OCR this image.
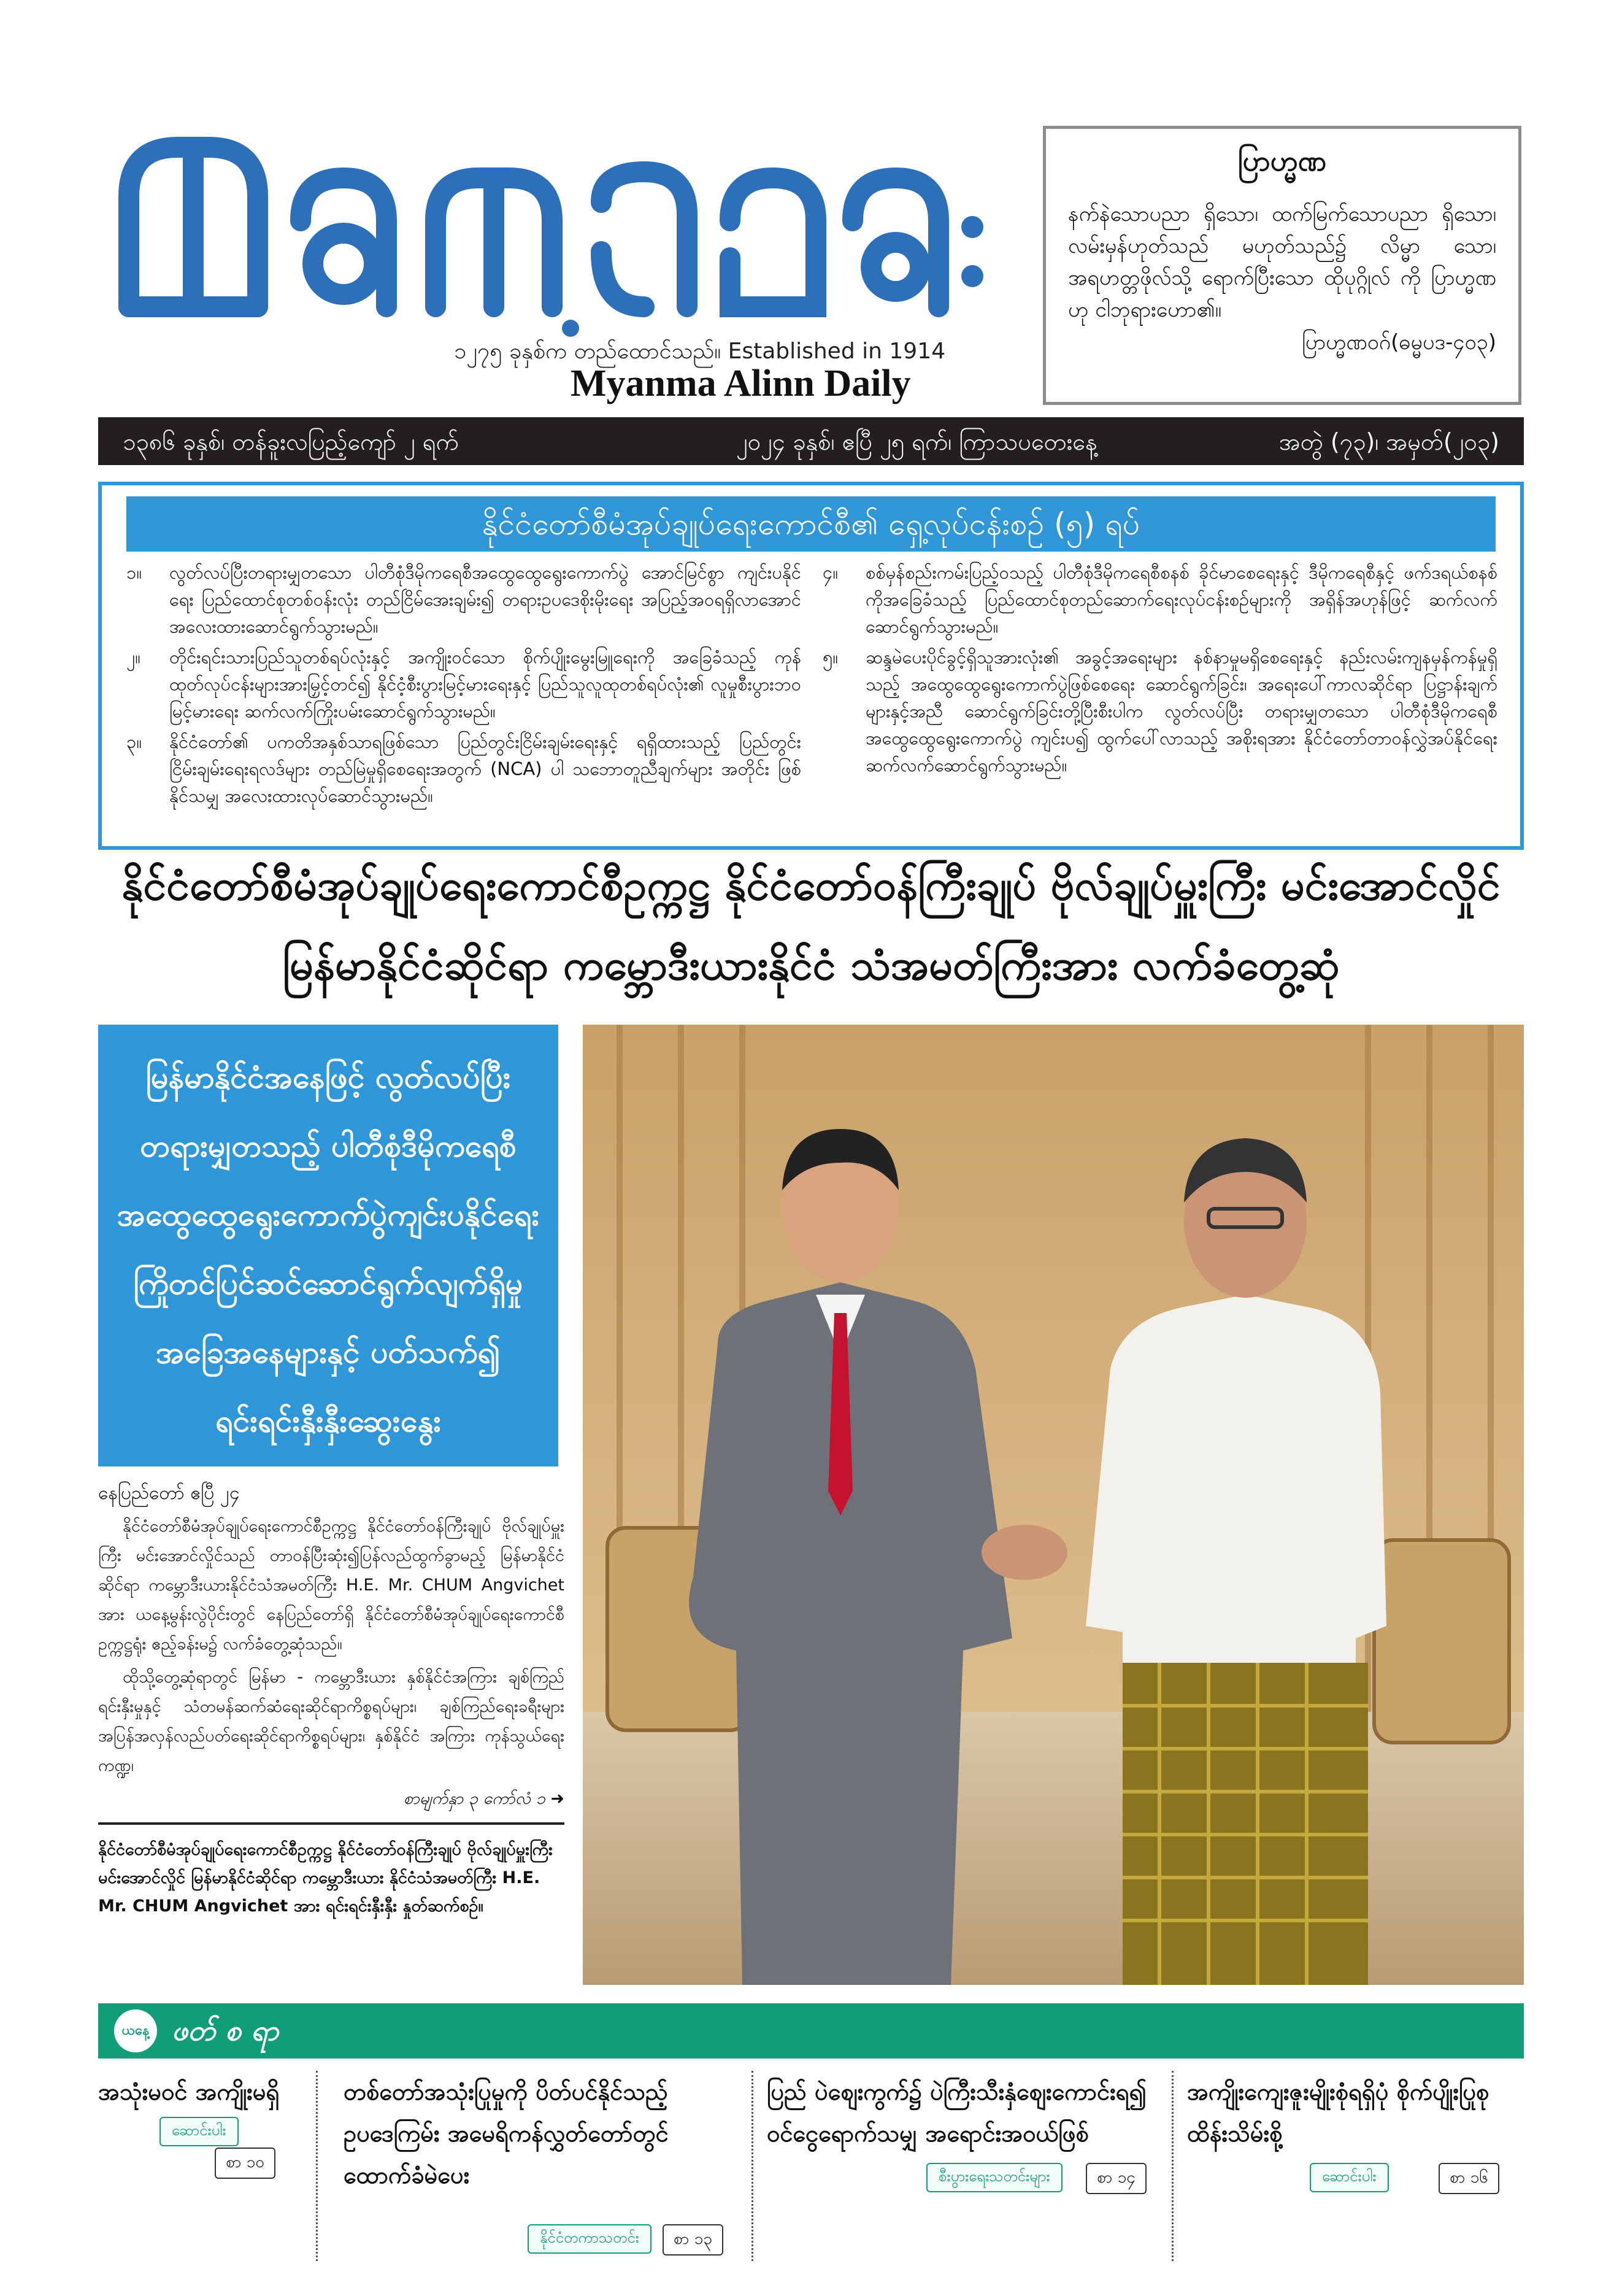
၁၂၇၅ ခုနှစ်က တည်ထောင်သည်။ Established in 1914
Myanma Alinn Daily
ပြာဟ္မဏ
နက်နဲသောပညာ ရှိသော၊ ထက်မြက်သောပညာ ရှိသော၊ လမ်းမှန်ဟုတ်သည် မဟုတ်သည်၌ လိမ္မာ သော၊ အရဟတ္တဖိုလ်သို့ ရောက်ပြီးသော ထိုပုဂ္ဂိုလ် ကို ပြာဟ္မဏဟု ငါဘုရားဟော၏။
ပြာဟ္မဏဝဂ်(ဓမ္မပဒ-၄၀၃)
၁၃၈၆ ခုနှစ်၊ တန်ခူးလပြည့်ကျော် ၂ ရက်	၂၀၂၄ ခုနှစ်၊ ဧပြီ ၂၅ ရက်၊ ကြာသပတေးနေ့	အတွဲ (၇၃)၊ အမှတ်(၂၀၃)
နိုင်ငံတော်စီမံအုပ်ချုပ်ရေးကောင်စီ၏ ရှေ့လုပ်ငန်းစဉ် (၅) ရပ်
၁။	လွတ်လပ်ပြီးတရားမျှတသော ပါတီစုံဒီမိုကရေစီအထွေထွေရွေးကောက်ပွဲ အောင်မြင်စွာ ကျင်းပနိုင်ရေး ပြည်ထောင်စုတစ်ဝန်းလုံး တည်ငြိမ်အေးချမ်း၍ တရားဥပဒေစိုးမိုးရေး အပြည့်အဝရရှိလာအောင် အလေးထားဆောင်ရွက်သွားမည်။
၂။	တိုင်းရင်းသားပြည်သူတစ်ရပ်လုံးနှင့် အကျိုးဝင်သော စိုက်ပျိုးမွေးမြူရေးကို အခြေခံသည့် ကုန်ထုတ်လုပ်ငန်းများအားမြှင့်တင်၍ နိုင်ငံ့စီးပွားမြင့်မားရေးနှင့် ပြည်သူလူထုတစ်ရပ်လုံး၏ လူမှုစီးပွားဘဝမြင့်မားရေး ဆက်လက်ကြိုးပမ်းဆောင်ရွက်သွားမည်။
၃။	နိုင်ငံတော်၏ ပကတိအနှစ်သာရဖြစ်သော ပြည်တွင်းငြိမ်းချမ်းရေးနှင့် ရရှိထားသည့် ပြည်တွင်း ငြိမ်းချမ်းရေးရလဒ်များ တည်မြဲမှုရှိစေရေးအတွက် (NCA) ပါ သဘောတူညီချက်များ အတိုင်း ဖြစ်နိုင်သမျှ အလေးထားလုပ်ဆောင်သွားမည်။
၄။	စစ်မှန်စည်းကမ်းပြည့်ဝသည့် ပါတီစုံဒီမိုကရေစီစနစ် ခိုင်မာစေရေးနှင့် ဒီမိုကရေစီနှင့် ဖက်ဒရယ်စနစ်ကိုအခြေခံသည့် ပြည်ထောင်စုတည်ဆောက်ရေးလုပ်ငန်းစဉ်များကို အရှိန်အဟုန်ဖြင့် ဆက်လက်ဆောင်ရွက်သွားမည်။
၅။	ဆန္ဒမဲပေးပိုင်ခွင့်ရှိသူအားလုံး၏ အခွင့်အရေးများ နစ်နာမှုမရှိစေရေးနှင့် နည်းလမ်းကျနမှန်ကန်မှုရှိသည့် အထွေထွေရွေးကောက်ပွဲဖြစ်စေရေး ဆောင်ရွက်ခြင်း၊ အရေးပေါ်ကာလဆိုင်ရာ ပြဋ္ဌာန်းချက်များနှင့်အညီ ဆောင်ရွက်ခြင်းတို့ပြီးစီးပါက လွတ်လပ်ပြီး တရားမျှတသော ပါတီစုံဒီမိုကရေစီအထွေထွေရွေးကောက်ပွဲ ကျင်းပ၍ ထွက်ပေါ်လာသည့် အစိုးရအား နိုင်ငံတော်တာဝန်လွှဲအပ်နိုင်ရေး ဆက်လက်ဆောင်ရွက်သွားမည်။
နိုင်ငံတော်စီမံအုပ်ချုပ်ရေးကောင်စီဥက္ကဋ္ဌ နိုင်ငံတော်ဝန်ကြီးချုပ် ဗိုလ်ချုပ်မှူးကြီး မင်းအောင်လှိုင်
မြန်မာနိုင်ငံဆိုင်ရာ ကမ္ဘောဒီးယားနိုင်ငံ သံအမတ်ကြီးအား လက်ခံတွေ့ဆုံ
မြန်မာနိုင်ငံအနေဖြင့် လွတ်လပ်ပြီး
တရားမျှတသည့် ပါတီစုံဒီမိုကရေစီ
အထွေထွေရွေးကောက်ပွဲကျင်းပနိုင်ရေး
ကြိုတင်ပြင်ဆင်ဆောင်ရွက်လျက်ရှိမှု
အခြေအနေများနှင့် ပတ်သက်၍
ရင်းရင်းနှီးနှီးဆွေးနွေး
နေပြည်တော် ဧပြီ ၂၄

နိုင်ငံတော်စီမံအုပ်ချုပ်ရေးကောင်စီဥက္ကဋ္ဌ နိုင်ငံတော်ဝန်ကြီးချုပ် ဗိုလ်ချုပ်မှူးကြီး မင်းအောင်လှိုင်သည် တာဝန်ပြီးဆုံး၍ပြန်လည်ထွက်ခွာမည့် မြန်မာနိုင်ငံဆိုင်ရာ ကမ္ဘောဒီးယားနိုင်ငံသံအမတ်ကြီး H.E. Mr. CHUM Angvichet အား ယနေ့မွန်းလွဲပိုင်းတွင် နေပြည်တော်ရှိ နိုင်ငံတော်စီမံအုပ်ချုပ်ရေးကောင်စီဥက္ကဋ္ဌရုံး ဧည့်ခန်းမ၌ လက်ခံတွေ့ဆုံသည်။

ထိုသို့တွေ့ဆုံရာတွင် မြန်မာ - ကမ္ဘောဒီးယား နှစ်နိုင်ငံအကြား ချစ်ကြည်ရင်းနှီးမှုနှင့် သံတမန်ဆက်ဆံရေးဆိုင်ရာကိစ္စရပ်များ၊ ချစ်ကြည်ရေးခရီးများ အပြန်အလှန်လည်ပတ်ရေးဆိုင်ရာကိစ္စရပ်များ၊ နှစ်နိုင်ငံ အကြား ကုန်သွယ်ရေးကဏ္ဍ၊

စာမျက်နှာ ၃ ကော်လံ ၁ ➜
နိုင်ငံတော်စီမံအုပ်ချုပ်ရေးကောင်စီဥက္ကဋ္ဌ နိုင်ငံတော်ဝန်ကြီးချုပ် ဗိုလ်ချုပ်မှူးကြီး မင်းအောင်လှိုင် မြန်မာနိုင်ငံဆိုင်ရာ ကမ္ဘောဒီးယား နိုင်ငံသံအမတ်ကြီး H.E. Mr. CHUM Angvichet အား ရင်းရင်းနှီးနှီး နှုတ်ဆက်စဉ်။
ယနေ့ ဖတ် စ ရာ
အသုံးမဝင် အကျိုးမရှိ
ဆောင်းပါး
စာ ၁၀
တစ်တော်အသုံးပြုမှုကို ပိတ်ပင်နိုင်သည့် ဥပဒေကြမ်း အမေရိကန်လွှတ်တော်တွင် ထောက်ခံမဲပေး
နိုင်ငံတကာသတင်း	စာ ၁၃
ပြည် ပဲစျေးကွက်၌ ပဲကြီးသီးနှံစျေးကောင်းရ၍ ဝင်ငွေရောက်သမျှ အရောင်းအဝယ်ဖြစ်
စီးပွားရေးသတင်းများ	စာ ၁၄
အကျိုးကျေးဇူးမျိုးစုံရရှိပုံ စိုက်ပျိုးပြုစု ထိန်းသိမ်းစို့
ဆောင်းပါး	စာ ၁၆
